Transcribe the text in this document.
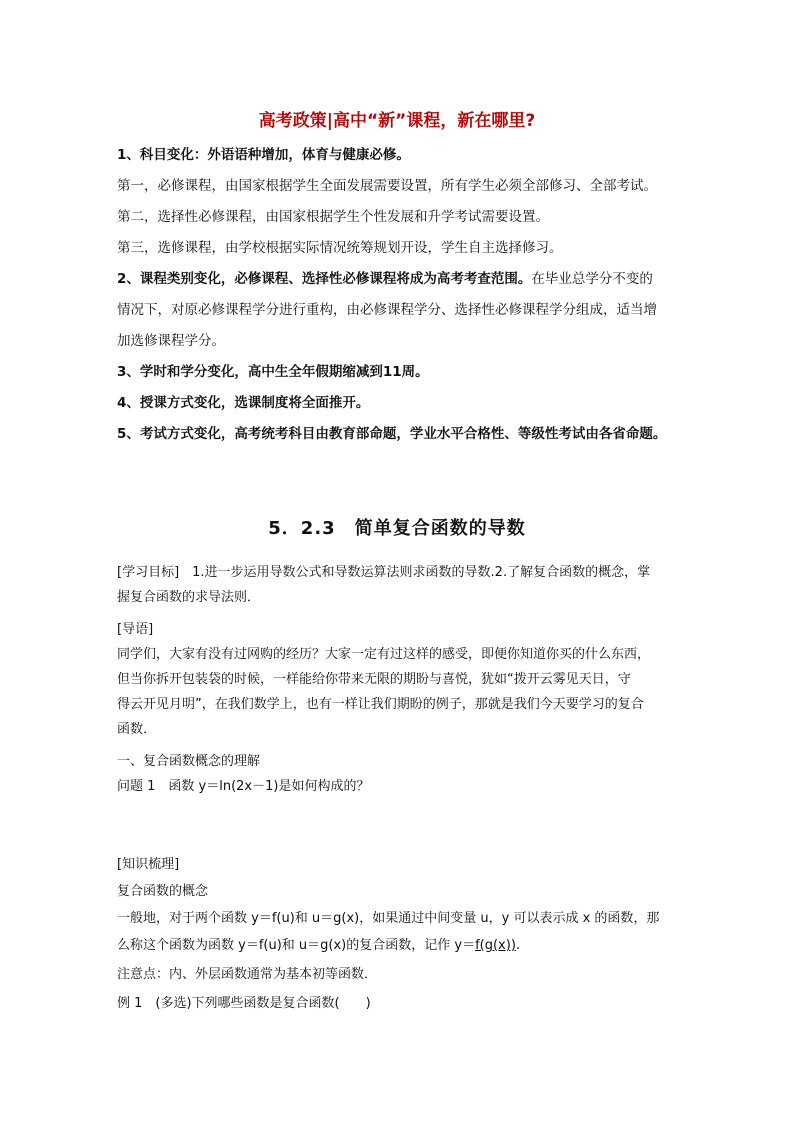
高考政策|高中“新”课程，新在哪里?
1、科目变化：外语语种增加，体育与健康必修。
第一，必修课程，由国家根据学生全面发展需要设置，所有学生必须全部修习、全部考试。
第二，选择性必修课程，由国家根据学生个性发展和升学考试需要设置。
第三，选修课程，由学校根据实际情况统筹规划开设，学生自主选择修习。
2、课程类别变化，必修课程、选择性必修课程将成为高考考查范围。在毕业总学分不变的
情况下，对原必修课程学分进行重构，由必修课程学分、选择性必修课程学分组成，适当增
加选修课程学分。
3、学时和学分变化，高中生全年假期缩减到11周。
4、授课方式变化，选课制度将全面推开。
5、考试方式变化，高考统考科目由教育部命题，学业水平合格性、等级性考试由各省命题。
5．2.3　简单复合函数的导数
[学习目标]　1.进一步运用导数公式和导数运算法则求函数的导数.2.了解复合函数的概念，掌
握复合函数的求导法则．
[导语]
同学们，大家有没有过网购的经历？大家一定有过这样的感受，即便你知道你买的什么东西，
但当你拆开包装袋的时候，一样能给你带来无限的期盼与喜悦，犹如“拨开云雾见天日，守
得云开见月明”，在我们数学上，也有一样让我们期盼的例子，那就是我们今天要学习的复合
函数．
一、复合函数概念的理解
问题 1　函数 y＝ln(2x－1)是如何构成的？
[知识梳理]
复合函数的概念
一般地，对于两个函数 y＝f(u)和 u＝g(x)，如果通过中间变量 u，y 可以表示成 x 的函数，那
么称这个函数为函数 y＝f(u)和 u＝g(x)的复合函数，记作 y＝f(g(x)).
注意点：内、外层函数通常为基本初等函数．
例 1　(多选)下列哪些函数是复合函数(　　)
